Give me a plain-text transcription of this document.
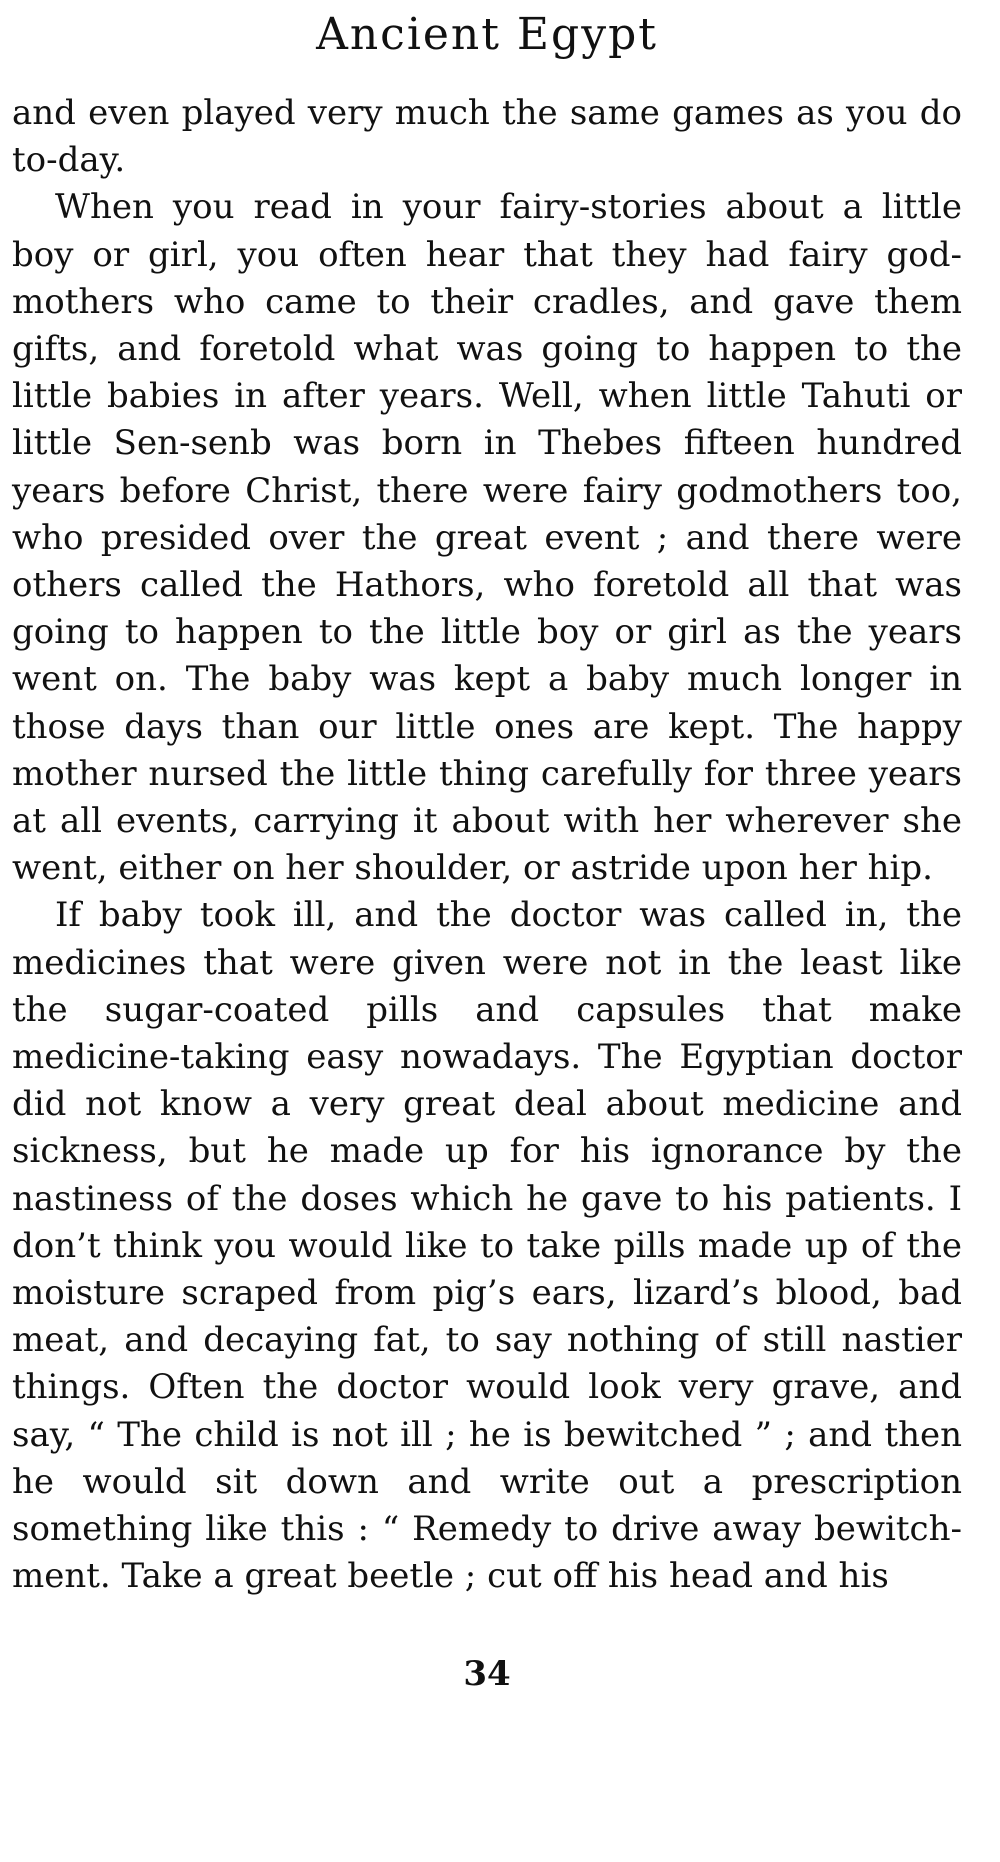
Ancient Egypt

and even played very much the same games as you do to-day.

When you read in your fairy-stories about a little boy or girl, you often hear that they had fairy god-mothers who came to their cradles, and gave them gifts, and foretold what was going to happen to the little babies in after years. Well, when little Tahuti or little Sen-senb was born in Thebes fifteen hundred years before Christ, there were fairy godmothers too, who presided over the great event ; and there were others called the Hathors, who foretold all that was going to happen to the little boy or girl as the years went on. The baby was kept a baby much longer in those days than our little ones are kept. The happy mother nursed the little thing carefully for three years at all events, carrying it about with her wherever she went, either on her shoulder, or astride upon her hip.

If baby took ill, and the doctor was called in, the medicines that were given were not in the least like the sugar-coated pills and capsules that make medicine-taking easy nowadays. The Egyptian doctor did not know a very great deal about medicine and sickness, but he made up for his ignorance by the nastiness of the doses which he gave to his patients. I don’t think you would like to take pills made up of the moisture scraped from pig’s ears, lizard’s blood, bad meat, and decaying fat, to say nothing of still nastier things. Often the doctor would look very grave, and say, “ The child is not ill ; he is bewitched ” ; and then he would sit down and write out a prescription something like this : “ Remedy to drive away bewitch-ment. Take a great beetle ; cut off his head and his

34
